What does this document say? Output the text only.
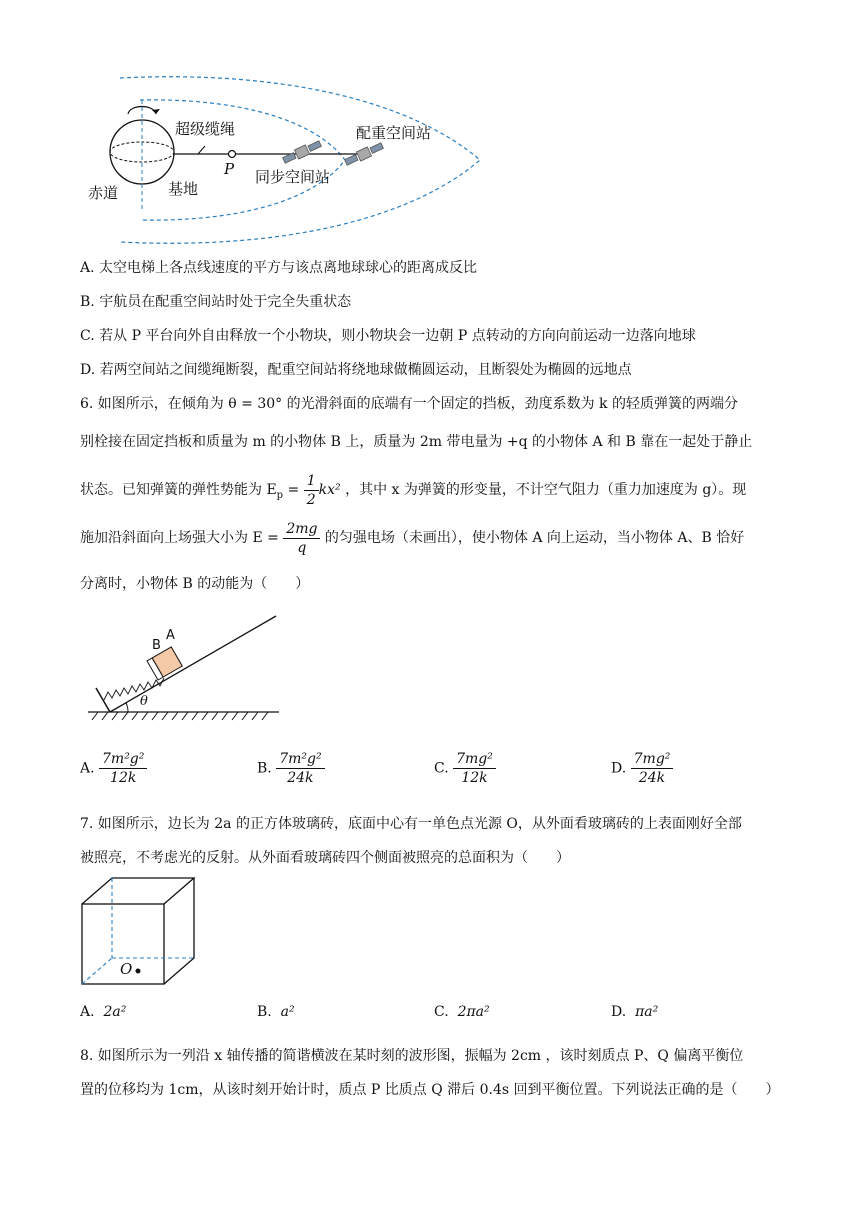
超级缆绳
P
赤道	基地
同步空间站
配重空间站
A. 太空电梯上各点线速度的平方与该点离地球球心的距离成反比
B. 宇航员在配重空间站时处于完全失重状态
C. 若从 P 平台向外自由释放一个小物块，则小物块会一边朝 P 点转动的方向向前运动一边落向地球
D. 若两空间站之间缆绳断裂，配重空间站将绕地球做椭圆运动，且断裂处为椭圆的远地点
6. 如图所示，在倾角为 θ = 30° 的光滑斜面的底端有一个固定的挡板，劲度系数为 k 的轻质弹簧的两端分
别栓接在固定挡板和质量为 m 的小物体 B 上，质量为 2m 带电量为 +q 的小物体 A 和 B 靠在一起处于静止
状态。已知弹簧的弹性势能为 $E_p = \frac{1}{2} kx^2$ ，其中 x 为弹簧的形变量，不计空气阻力（重力加速度为 g）。现
施加沿斜面向上场强大小为 $E = \frac{2mg}{q}$ 的匀强电场（未画出），使小物体 A 向上运动，当小物体 A、B 恰好
分离时，小物体 B 的动能为（　　）
A
B
θ
A. $\frac{\text{7m²g²}}{12k}$	B. $\frac{\text{7m²g²}}{24k}$	C. $\frac{\text{7mg²}}{12k}$	D. $\frac{\text{7mg²}}{24k}$
7. 如图所示，边长为 2a 的正方体玻璃砖，底面中心有一单色点光源 O，从外面看玻璃砖的上表面刚好全部
被照亮，不考虑光的反射。从外面看玻璃砖四个侧面被照亮的总面积为（　　）
O
A. 2a²	B. a²	C. 2πa²	D. πa²
8. 如图所示为一列沿 x 轴传播的简谐横波在某时刻的波形图，振幅为 2cm ，该时刻质点 P、Q 偏离平衡位
置的位移均为 1cm，从该时刻开始计时，质点 P 比质点 Q 滞后 0.4s 回到平衡位置。下列说法正确的是（　　）
